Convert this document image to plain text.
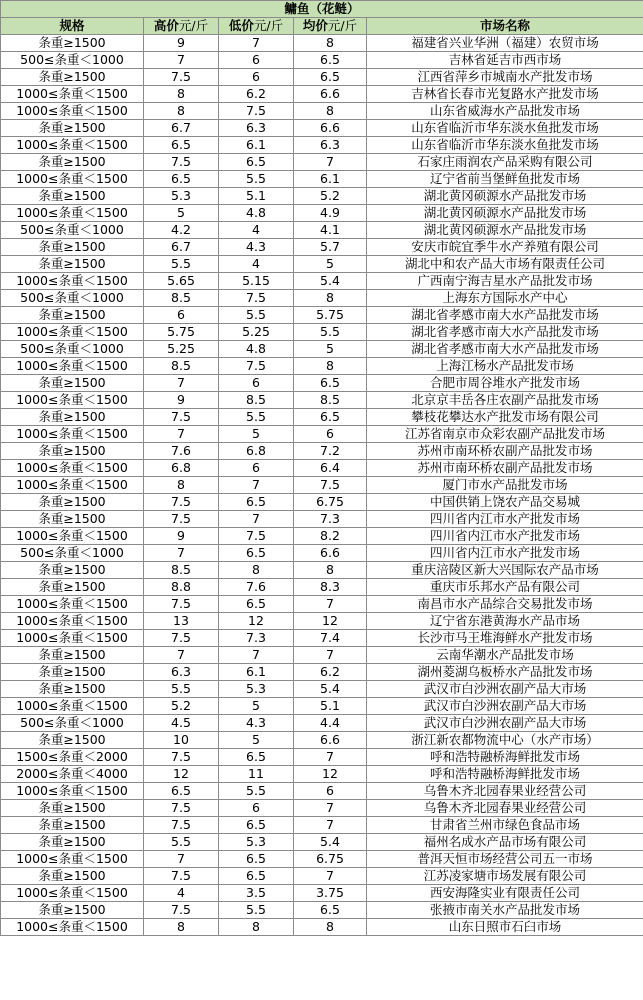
鳙鱼（花鲢）				
规格	高价元/斤	低价元/斤	均价元/斤	市场名称
条重≥1500	9	7	8	福建省兴业华洲（福建）农贸市场
500≤条重＜1000	7	6	6.5	吉林省延吉市西市场
条重≥1500	7.5	6	6.5	江西省萍乡市城南水产批发市场
1000≤条重＜1500	8	6.2	6.6	吉林省长春市光复路水产批发市场
1000≤条重＜1500	8	7.5	8	山东省威海水产品批发市场
条重≥1500	6.7	6.3	6.6	山东省临沂市华东淡水鱼批发市场
1000≤条重＜1500	6.5	6.1	6.3	山东省临沂市华东淡水鱼批发市场
条重≥1500	7.5	6.5	7	石家庄雨润农产品采购有限公司
1000≤条重＜1500	6.5	5.5	6.1	辽宁省前当堡鲜鱼批发市场
条重≥1500	5.3	5.1	5.2	湖北黄冈硕源水产品批发市场
1000≤条重＜1500	5	4.8	4.9	湖北黄冈硕源水产品批发市场
500≤条重＜1000	4.2	4	4.1	湖北黄冈硕源水产品批发市场
条重≥1500	6.7	4.3	5.7	安庆市皖宜季牛水产养殖有限公司
条重≥1500	5.5	4	5	湖北中和农产品大市场有限责任公司
1000≤条重＜1500	5.65	5.15	5.4	广西南宁海吉星水产品批发市场
500≤条重＜1000	8.5	7.5	8	上海东方国际水产中心
条重≥1500	6	5.5	5.75	湖北省孝感市南大水产品批发市场
1000≤条重＜1500	5.75	5.25	5.5	湖北省孝感市南大水产品批发市场
500≤条重＜1000	5.25	4.8	5	湖北省孝感市南大水产品批发市场
1000≤条重＜1500	8.5	7.5	8	上海江杨水产品批发市场
条重≥1500	7	6	6.5	合肥市周谷堆水产批发市场
1000≤条重＜1500	9	8.5	8.5	北京京丰岳各庄农副产品批发市场
条重≥1500	7.5	5.5	6.5	攀枝花攀达水产批发市场有限公司
1000≤条重＜1500	7	5	6	江苏省南京市众彩农副产品批发市场
条重≥1500	7.6	6.8	7.2	苏州市南环桥农副产品批发市场
1000≤条重＜1500	6.8	6	6.4	苏州市南环桥农副产品批发市场
1000≤条重＜1500	8	7	7.5	厦门市水产品批发市场
条重≥1500	7.5	6.5	6.75	中国供销上饶农产品交易城
条重≥1500	7.5	7	7.3	四川省内江市水产批发市场
1000≤条重＜1500	9	7.5	8.2	四川省内江市水产批发市场
500≤条重＜1000	7	6.5	6.6	四川省内江市水产批发市场
条重≥1500	8.5	8	8	重庆涪陵区新大兴国际农产品市场
条重≥1500	8.8	7.6	8.3	重庆市乐邦水产品有限公司
1000≤条重＜1500	7.5	6.5	7	南昌市水产品综合交易批发市场
1000≤条重＜1500	13	12	12	辽宁省东港黄海水产品市场
1000≤条重＜1500	7.5	7.3	7.4	长沙市马王堆海鲜水产批发市场
条重≥1500	7	7	7	云南华潮水产品批发市场
条重≥1500	6.3	6.1	6.2	湖州菱湖乌板桥水产品批发市场
条重≥1500	5.5	5.3	5.4	武汉市白沙洲农副产品大市场
1000≤条重＜1500	5.2	5	5.1	武汉市白沙洲农副产品大市场
500≤条重＜1000	4.5	4.3	4.4	武汉市白沙洲农副产品大市场
条重≥1500	10	5	6.6	浙江新农都物流中心（水产市场）
1500≤条重＜2000	7.5	6.5	7	呼和浩特融桥海鲜批发市场
2000≤条重＜4000	12	11	12	呼和浩特融桥海鲜批发市场
1000≤条重＜1500	6.5	5.5	6	乌鲁木齐北园春果业经营公司
条重≥1500	7.5	6	7	乌鲁木齐北园春果业经营公司
条重≥1500	7.5	6.5	7	甘肃省兰州市绿色食品市场
条重≥1500	5.5	5.3	5.4	福州名成水产品市场有限公司
1000≤条重＜1500	7	6.5	6.75	普洱天恒市场经营公司五一市场
条重≥1500	7.5	6.5	7	江苏凌家塘市场发展有限公司
1000≤条重＜1500	4	3.5	3.75	西安海隆实业有限责任公司
条重≥1500	7.5	5.5	6.5	张掖市南关水产品批发市场
1000≤条重＜1500	8	8	8	山东日照市石臼市场
